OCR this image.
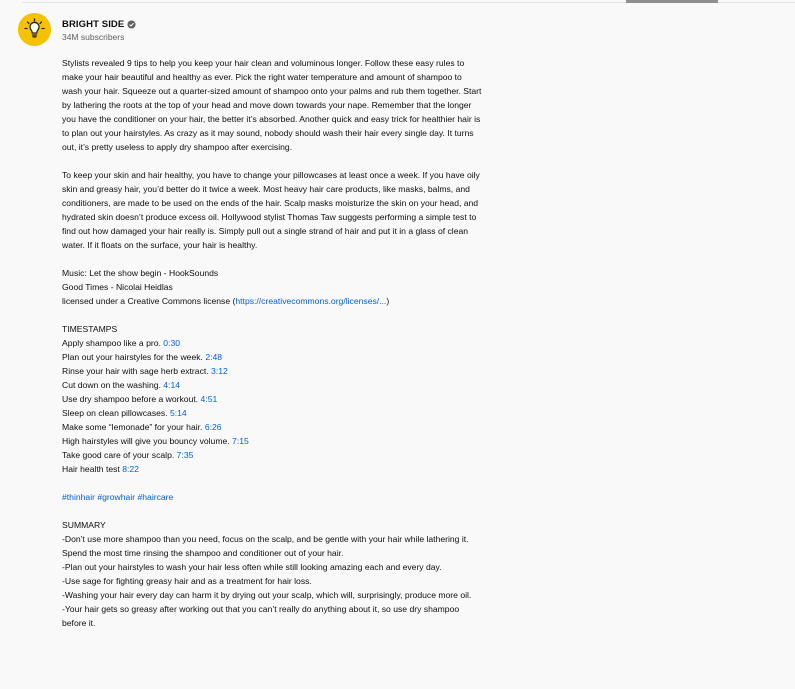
BRIGHT SIDE
34M subscribers

Stylists revealed 9 tips to help you keep your hair clean and voluminous longer. Follow these easy rules to make your hair beautiful and healthy as ever. Pick the right water temperature and amount of shampoo to wash your hair. Squeeze out a quarter-sized amount of shampoo onto your palms and rub them together. Start by lathering the roots at the top of your head and move down towards your nape. Remember that the longer you have the conditioner on your hair, the better it’s absorbed. Another quick and easy trick for healthier hair is to plan out your hairstyles. As crazy as it may sound, nobody should wash their hair every single day. It turns out, it’s pretty useless to apply dry shampoo after exercising.

To keep your skin and hair healthy, you have to change your pillowcases at least once a week. If you have oily skin and greasy hair, you’d better do it twice a week. Most heavy hair care products, like masks, balms, and conditioners, are made to be used on the ends of the hair. Scalp masks moisturize the skin on your head, and hydrated skin doesn’t produce excess oil. Hollywood stylist Thomas Taw suggests performing a simple test to find out how damaged your hair really is. Simply pull out a single strand of hair and put it in a glass of clean water. If it floats on the surface, your hair is healthy.

Music: Let the show begin - HookSounds
Good Times - Nicolai Heidlas
licensed under a Creative Commons license (https://creativecommons.org/licenses/...)
TIMESTAMPS
Apply shampoo like a pro. 0:30
Plan out your hairstyles for the week. 2:48
Rinse your hair with sage herb extract. 3:12
Cut down on the washing. 4:14
Use dry shampoo before a workout. 4:51
Sleep on clean pillowcases. 5:14
Make some “lemonade” for your hair. 6:26
High hairstyles will give you bouncy volume. 7:15
Take good care of your scalp. 7:35
Hair health test 8:22
#thinhair #growhair #haircare
SUMMARY
-Don’t use more shampoo than you need, focus on the scalp, and be gentle with your hair while lathering it. Spend the most time rinsing the shampoo and conditioner out of your hair.
-Plan out your hairstyles to wash your hair less often while still looking amazing each and every day.
-Use sage for fighting greasy hair and as a treatment for hair loss.
-Washing your hair every day can harm it by drying out your scalp, which will, surprisingly, produce more oil.
-Your hair gets so greasy after working out that you can’t really do anything about it, so use dry shampoo before it.
